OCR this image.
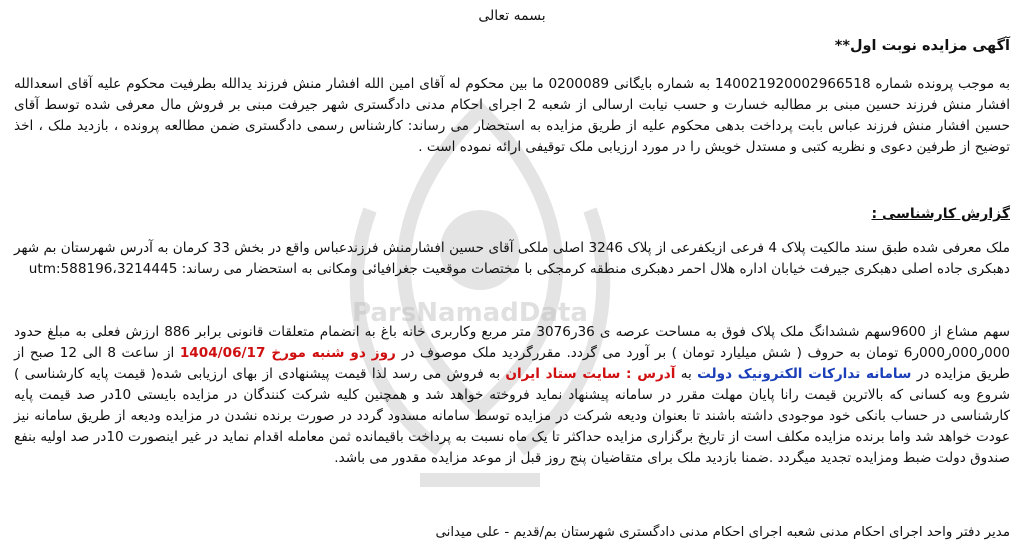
ParsNamadData
بسمه تعالی
آگهی مزایده نوبت اول**

به موجب پرونده شماره 140021920002966518 به شماره بایگانی 0200089 ما بین محکوم له آقای امین الله افشار منش فرزند یدالله بطرفیت محکوم علیه آقای اسعدالله افشار منش فرزند حسین مبنی بر مطالبه خسارت و حسب نیابت ارسالی از شعبه 2 اجرای احکام مدنی دادگستری شهر جیرفت مبنی بر فروش مال معرفی شده توسط آقای حسین افشار منش فرزند عباس بابت پرداخت بدهی محکوم علیه از طریق مزایده به استحضار می رساند: کارشناس رسمی دادگستری ضمن مطالعه پرونده ، بازدید ملک ، اخذ توضیح از طرفین دعوی و نظریه کتبی و مستدل خویش را در مورد ارزیابی ملک توقیفی ارائه نموده است .

گزارش کارشناسی :

ملک معرفی شده طبق سند مالکیت پلاک 4 فرعی ازیکفرعی از پلاک 3246 اصلی ملکی آقای حسین افشارمنش فرزندعباس واقع در بخش 33 کرمان به آدرس شهرستان بم شهر دهبکری جاده اصلی دهبکری جیرفت خیابان اداره هلال احمر دهبکری منطقه کرمجکی با مختصات موقعیت جغرافیائی ومکانی به استحضار می رساند: utm:588196،3214445

سهم مشاع از 9600سهم ششدانگ ملک پلاک فوق به مساحت عرصه ی 36ر3076 متر مربع وکاربری خانه باغ به انضمام متعلقات قانونی برابر 886 ارزش فعلی به مبلغ حدود 000ر000ر000ر6 تومان به حروف ( شش میلیارد تومان ) بر آورد می گردد. مقررگردید ملک موصوف در روز دو شنبه مورخ 1404/06/17 از ساعت 8 الی 12 صبح از طریق مزایده در سامانه تدارکات الکترونیک دولت به آدرس : سایت ستاد ایران به فروش می رسد لذا قیمت پیشنهادی از بهای ارزیابی شده( قیمت پایه کارشناسی ) شروع وبه کسانی که بالاترین قیمت رانا پایان مهلت مقرر در سامانه پیشنهاد نماید فروخته خواهد شد و همچنین کلیه شرکت کنندگان در مزایده بایستی 10در صد قیمت پایه کارشناسی در حساب بانکی خود موجودی داشته باشند تا بعنوان ودیعه شرکت در مزایده توسط سامانه مسدود گردد در صورت برنده نشدن در مزایده ودیعه از طریق سامانه نیز عودت خواهد شد واما برنده مزایده مکلف است از تاریخ برگزاری مزایده حداکثر تا یک ماه نسبت به پرداخت باقیمانده ثمن معامله اقدام نماید در غیر اینصورت 10در صد اولیه بنفع صندوق دولت ضبط ومزایده تجدید میگردد .ضمنا بازدید ملک برای متقاضیان پنج روز قبل از موعد مزایده مقدور می باشد.

مدیر دفتر واحد اجرای احکام مدنی شعبه اجرای احکام مدنی دادگستری شهرستان بم/قدیم - علی میدانی
